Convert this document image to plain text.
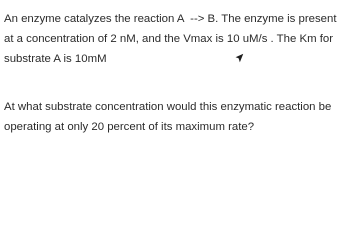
An enzyme catalyzes the reaction A  --> B. The enzyme is present at a concentration of 2 nM, and the Vmax is 10 uM/s . The Km for substrate A is 10mM

At what substrate concentration would this enzymatic reaction be operating at only 20 percent of its maximum rate?
